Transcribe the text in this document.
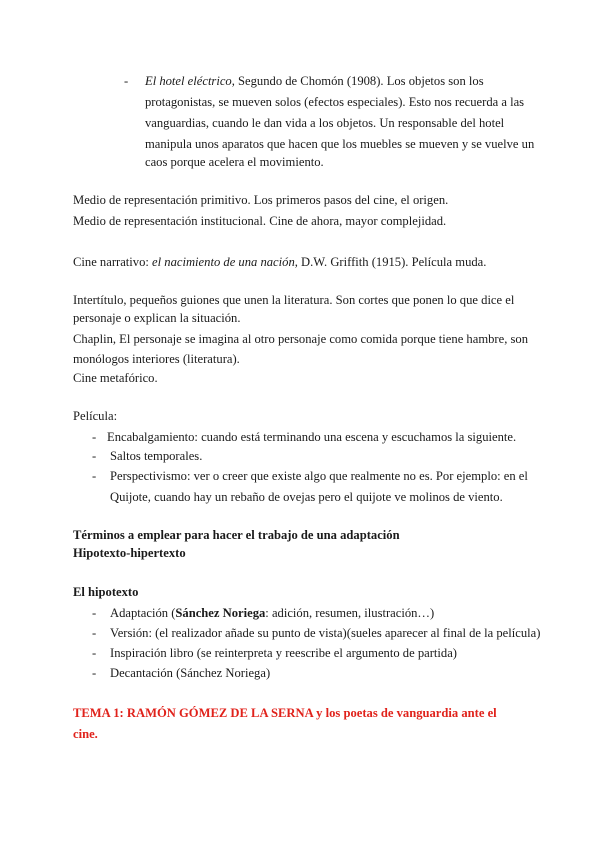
- El hotel eléctrico, Segundo de Chomón (1908). Los objetos son los
protagonistas, se mueven solos (efectos especiales). Esto nos recuerda a las
vanguardias, cuando le dan vida a los objetos. Un responsable del hotel
manipula unos aparatos que hacen que los muebles se mueven y se vuelve un
caos porque acelera el movimiento.
Medio de representación primitivo. Los primeros pasos del cine, el origen.
Medio de representación institucional. Cine de ahora, mayor complejidad.
Cine narrativo: el nacimiento de una nación, D.W. Griffith (1915). Película muda.
Intertítulo, pequeños guiones que unen la literatura. Son cortes que ponen lo que dice el
personaje o explican la situación.
Chaplin, El personaje se imagina al otro personaje como comida porque tiene hambre, son
monólogos interiores (literatura).
Cine metafórico.
Película:
- Encabalgamiento: cuando está terminando una escena y escuchamos la siguiente.
- Saltos temporales.
- Perspectivismo: ver o creer que existe algo que realmente no es. Por ejemplo: en el
Quijote, cuando hay un rebaño de ovejas pero el quijote ve molinos de viento.
Términos a emplear para hacer el trabajo de una adaptación
Hipotexto-hipertexto
El hipotexto
- Adaptación (Sánchez Noriega: adición, resumen, ilustración…)
- Versión: (el realizador añade su punto de vista)(sueles aparecer al final de la película)
- Inspiración libro (se reinterpreta y reescribe el argumento de partida)
- Decantación (Sánchez Noriega)
TEMA 1: RAMÓN GÓMEZ DE LA SERNA y los poetas de vanguardia ante el
cine.
